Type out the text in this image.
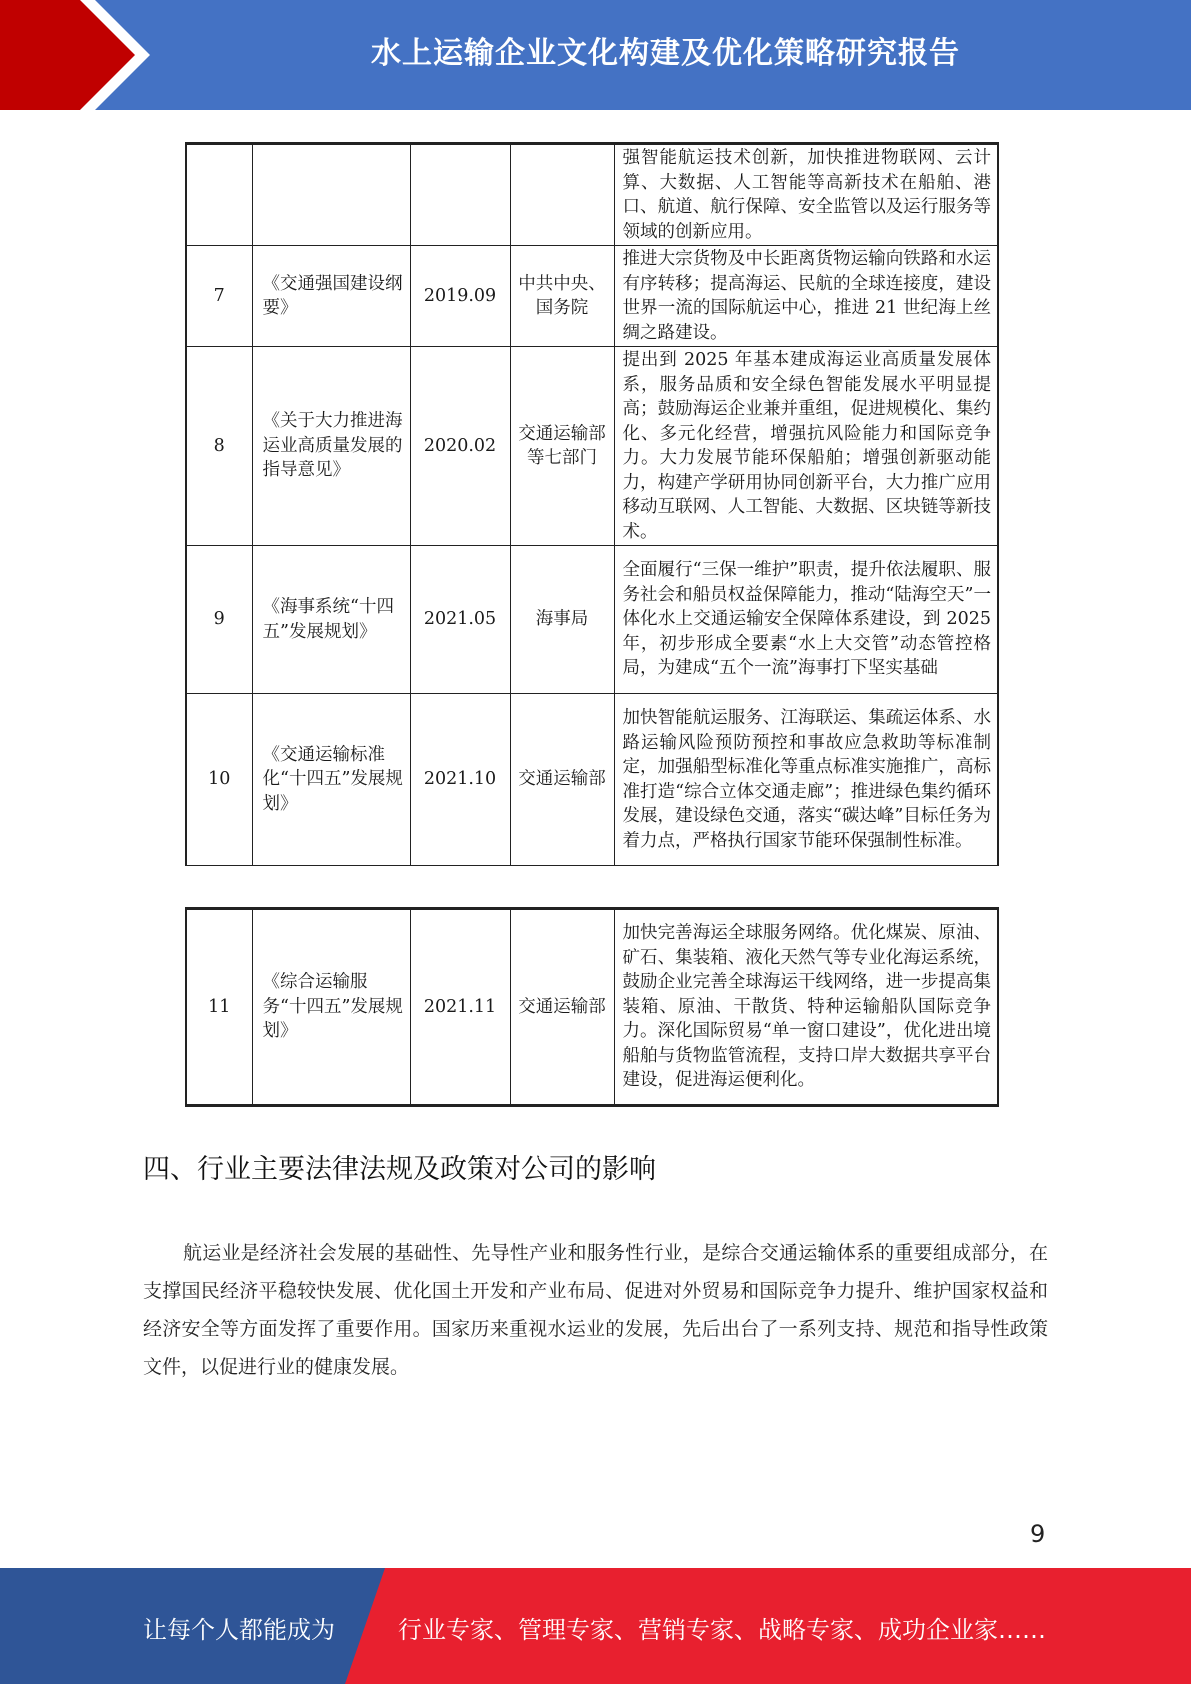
水上运输企业文化构建及优化策略研究报告
				强智能航运技术创新，加快推进物联网、云计算、大数据、人工智能等高新技术在船舶、港口、航道、航行保障、安全监管以及运行服务等领域的创新应用。
7	《交通强国建设纲要》	2019.09	中共中央、国务院	推进大宗货物及中长距离货物运输向铁路和水运有序转移；提高海运、民航的全球连接度，建设世界一流的国际航运中心，推进 21 世纪海上丝绸之路建设。
8	《关于大力推进海运业高质量发展的指导意见》	2020.02	交通运输部等七部门	提出到 2025 年基本建成海运业高质量发展体系，服务品质和安全绿色智能发展水平明显提高；鼓励海运企业兼并重组，促进规模化、集约化、多元化经营，增强抗风险能力和国际竞争力。大力发展节能环保船舶；增强创新驱动能力，构建产学研用协同创新平台，大力推广应用移动互联网、人工智能、大数据、区块链等新技术。
9	《海事系统“十四五”发展规划》	2021.05	海事局	全面履行“三保一维护”职责，提升依法履职、服务社会和船员权益保障能力，推动“陆海空天”一体化水上交通运输安全保障体系建设，到 2025 年，初步形成全要素“水上大交管”动态管控格局，为建成“五个一流”海事打下坚实基础
10	《交通运输标准化“十四五”发展规划》	2021.10	交通运输部	加快智能航运服务、江海联运、集疏运体系、水路运输风险预防预控和事故应急救助等标准制定，加强船型标准化等重点标准实施推广，高标准打造“综合立体交通走廊”；推进绿色集约循环发展，建设绿色交通，落实“碳达峰”目标任务为着力点，严格执行国家节能环保强制性标准。
11	《综合运输服务“十四五”发展规划》	2021.11	交通运输部	加快完善海运全球服务网络。优化煤炭、原油、矿石、集装箱、液化天然气等专业化海运系统，鼓励企业完善全球海运干线网络，进一步提高集装箱、原油、干散货、特种运输船队国际竞争力。深化国际贸易“单一窗口建设”，优化进出境船舶与货物监管流程，支持口岸大数据共享平台建设，促进海运便利化。
四、行业主要法律法规及政策对公司的影响

航运业是经济社会发展的基础性、先导性产业和服务性行业，是综合交通运输体系的重要组成部分，在支撑国民经济平稳较快发展、优化国土开发和产业布局、促进对外贸易和国际竞争力提升、维护国家权益和经济安全等方面发挥了重要作用。国家历来重视水运业的发展，先后出台了一系列支持、规范和指导性政策文件，以促进行业的健康发展。

9
让每个人都能成为	行业专家、管理专家、营销专家、战略专家、成功企业家……
